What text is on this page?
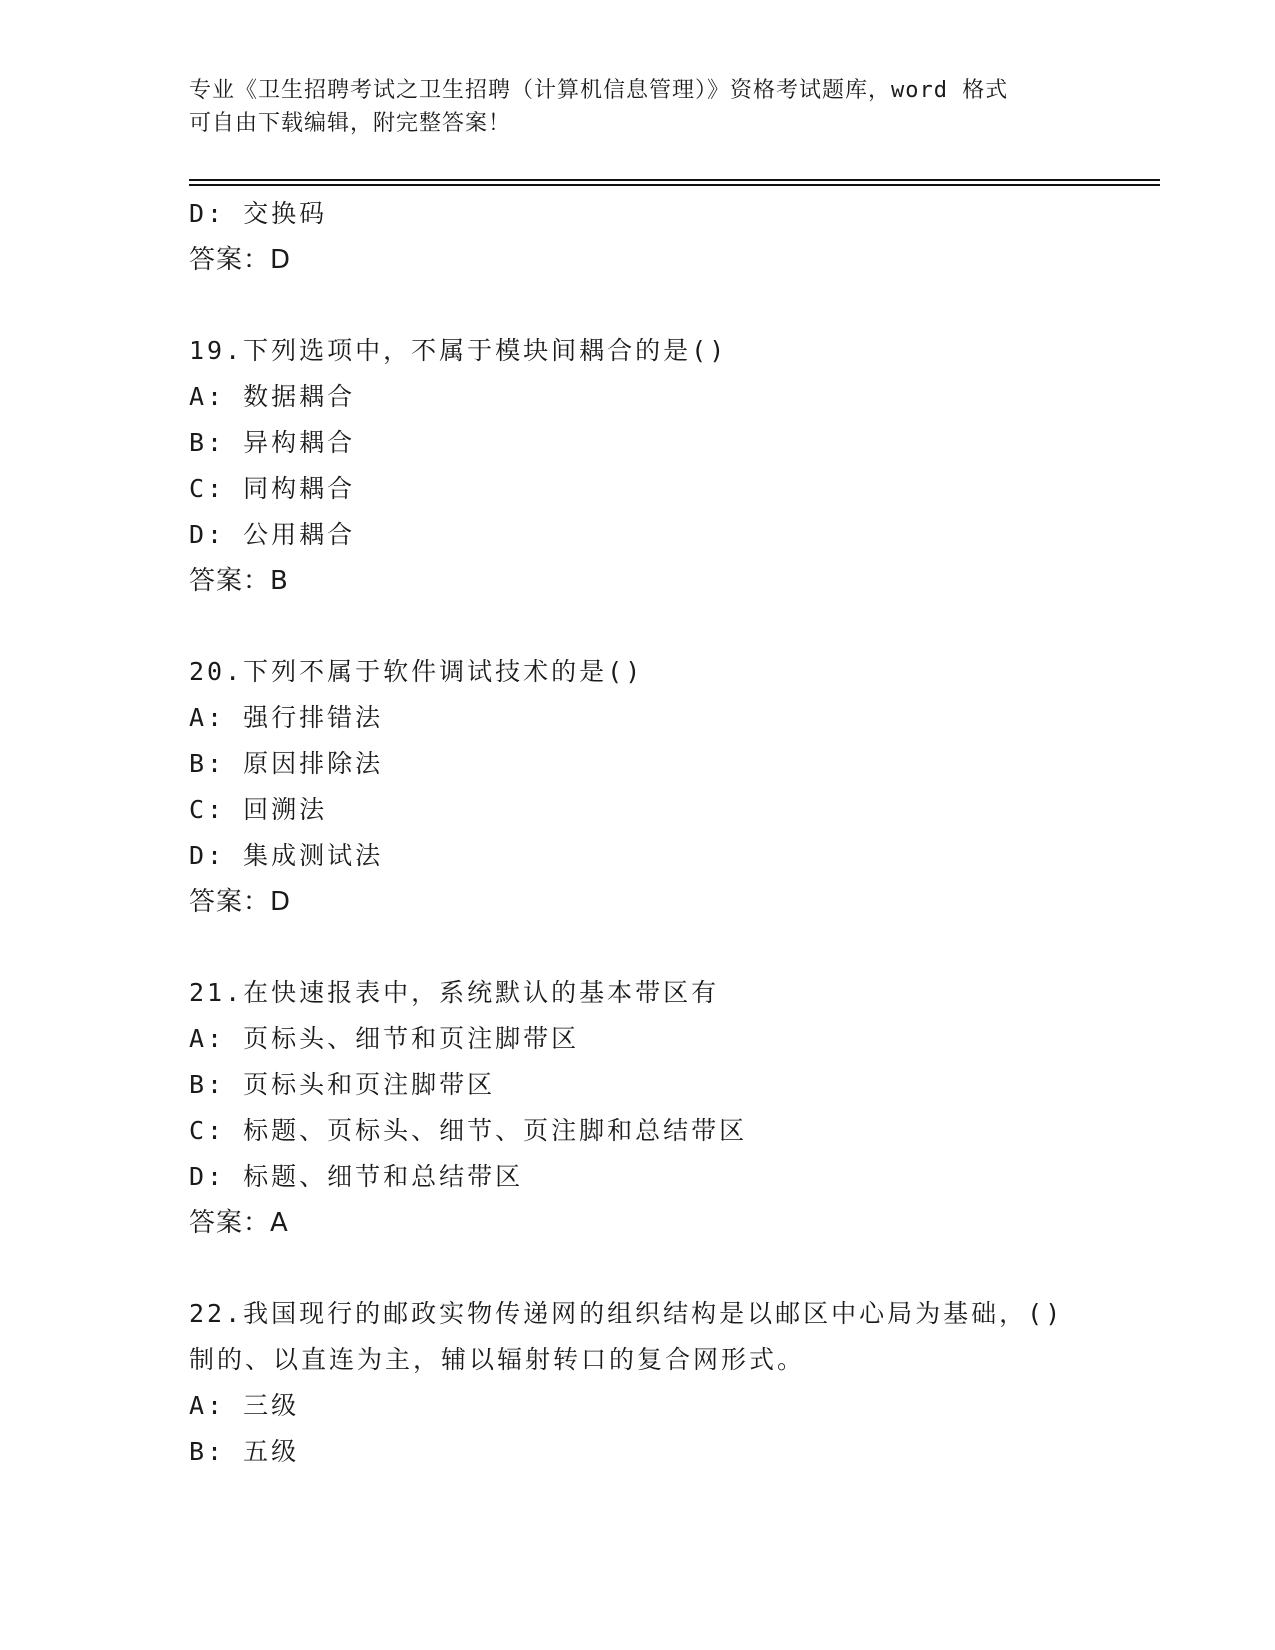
专业《卫生招聘考试之卫生招聘（计算机信息管理）》资格考试题库，word 格式
可自由下载编辑，附完整答案！
D: 交换码
答案：D
19.下列选项中，不属于模块间耦合的是()
A: 数据耦合
B: 异构耦合
C: 同构耦合
D: 公用耦合
答案：B
20.下列不属于软件调试技术的是()
A: 强行排错法
B: 原因排除法
C: 回溯法
D: 集成测试法
答案：D
21.在快速报表中，系统默认的基本带区有
A: 页标头、细节和页注脚带区
B: 页标头和页注脚带区
C: 标题、页标头、细节、页注脚和总结带区
D: 标题、细节和总结带区
答案：A
22.我国现行的邮政实物传递网的组织结构是以邮区中心局为基础，()
制的、以直连为主，辅以辐射转口的复合网形式。
A: 三级
B: 五级
